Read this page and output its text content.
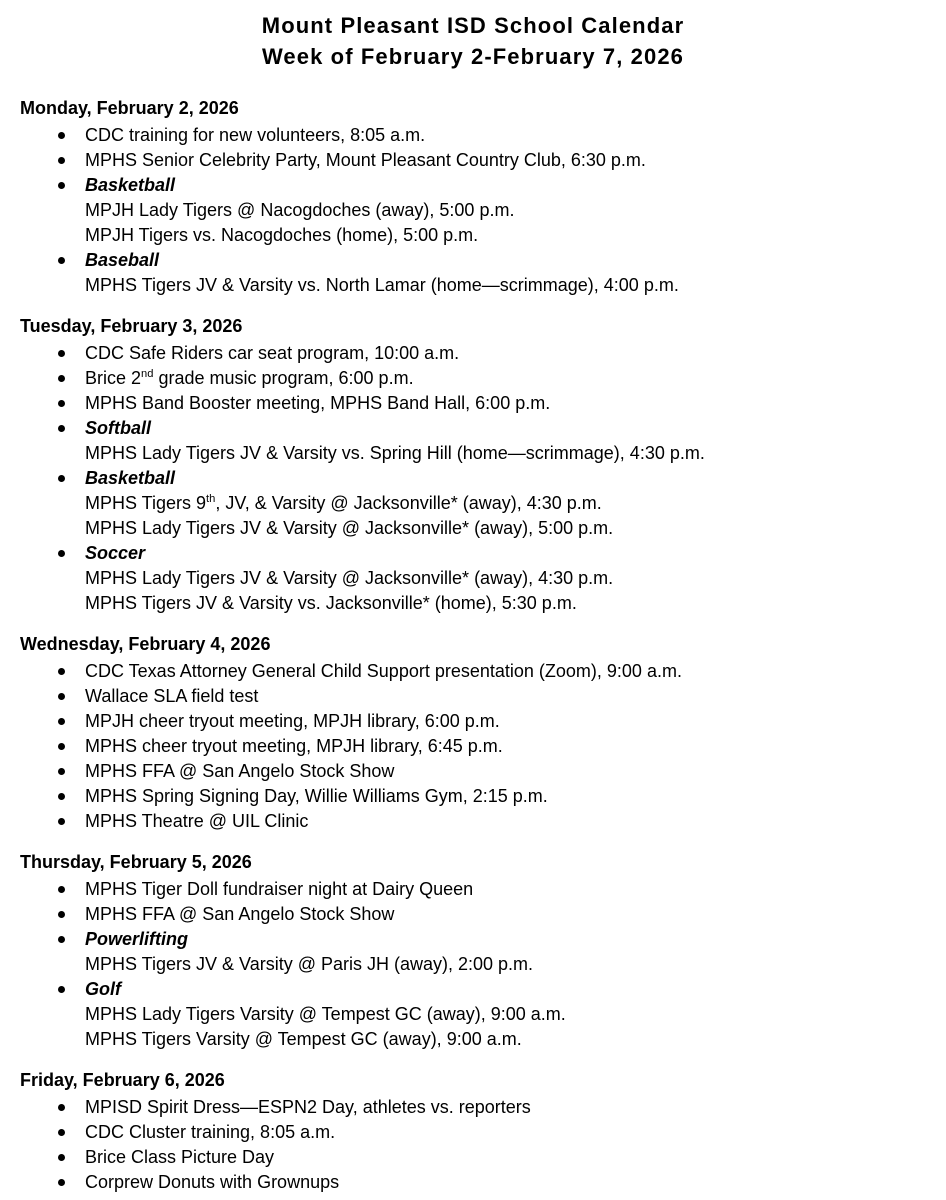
Mount Pleasant ISD School Calendar
Week of February 2-February 7, 2026
Monday, February 2, 2026
CDC training for new volunteers, 8:05 a.m.
MPHS Senior Celebrity Party, Mount Pleasant Country Club, 6:30 p.m.
Basketball
MPJH Lady Tigers @ Nacogdoches (away), 5:00 p.m.
MPJH Tigers vs. Nacogdoches (home), 5:00 p.m.
Baseball
MPHS Tigers JV & Varsity vs. North Lamar (home—scrimmage), 4:00 p.m.
Tuesday, February 3, 2026
CDC Safe Riders car seat program, 10:00 a.m.
Brice 2nd grade music program, 6:00 p.m.
MPHS Band Booster meeting, MPHS Band Hall, 6:00 p.m.
Softball
MPHS Lady Tigers JV & Varsity vs. Spring Hill (home—scrimmage), 4:30 p.m.
Basketball
MPHS Tigers 9th, JV, & Varsity @ Jacksonville* (away), 4:30 p.m.
MPHS Lady Tigers JV & Varsity @ Jacksonville* (away), 5:00 p.m.
Soccer
MPHS Lady Tigers JV & Varsity @ Jacksonville* (away), 4:30 p.m.
MPHS Tigers JV & Varsity vs. Jacksonville* (home), 5:30 p.m.
Wednesday, February 4, 2026
CDC Texas Attorney General Child Support presentation (Zoom), 9:00 a.m.
Wallace SLA field test
MPJH cheer tryout meeting, MPJH library, 6:00 p.m.
MPHS cheer tryout meeting, MPJH library, 6:45 p.m.
MPHS FFA @ San Angelo Stock Show
MPHS Spring Signing Day, Willie Williams Gym, 2:15 p.m.
MPHS Theatre @ UIL Clinic
Thursday, February 5, 2026
MPHS Tiger Doll fundraiser night at Dairy Queen
MPHS FFA @ San Angelo Stock Show
Powerlifting
MPHS Tigers JV & Varsity @ Paris JH (away), 2:00 p.m.
Golf
MPHS Lady Tigers Varsity @ Tempest GC (away), 9:00 a.m.
MPHS Tigers Varsity @ Tempest GC (away), 9:00 a.m.
Friday, February 6, 2026
MPISD Spirit Dress—ESPN2 Day, athletes vs. reporters
CDC Cluster training, 8:05 a.m.
Brice Class Picture Day
Corprew Donuts with Grownups
